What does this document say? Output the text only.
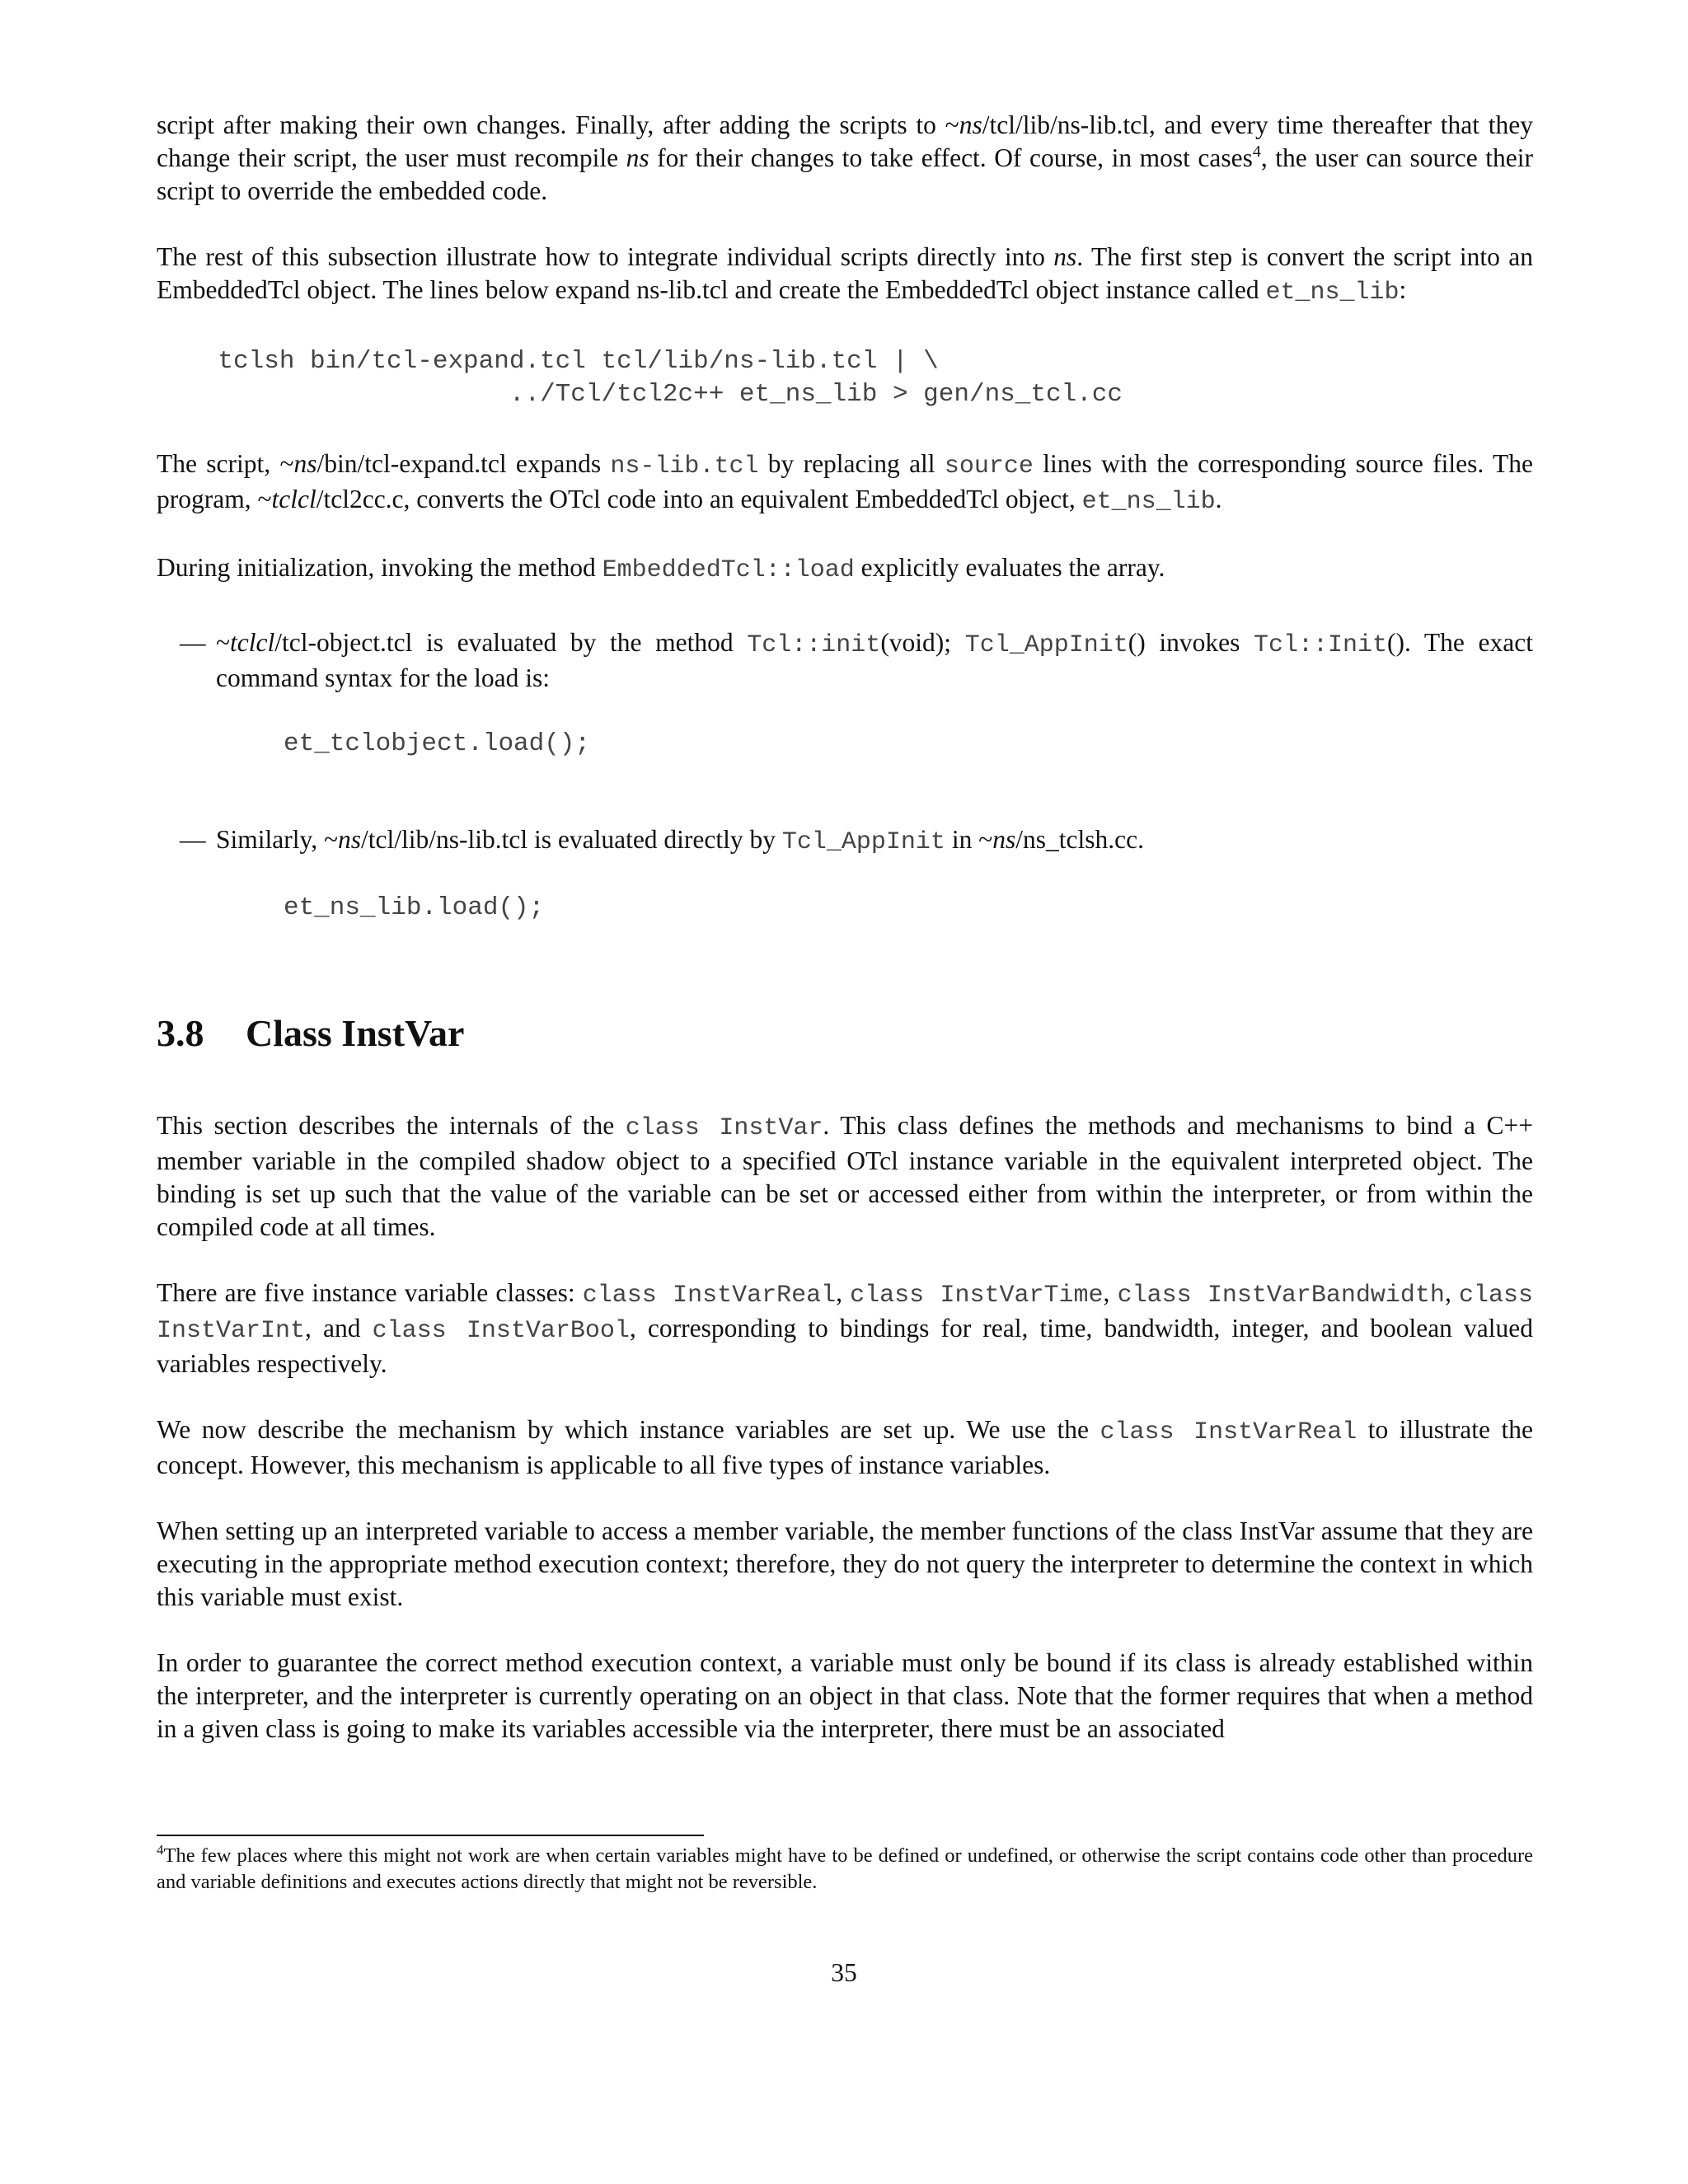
script after making their own changes. Finally, after adding the scripts to ~ns/tcl/lib/ns-lib.tcl, and every time thereafter that they change their script, the user must recompile ns for their changes to take effect. Of course, in most cases$^4$, the user can source their script to override the embedded code.

The rest of this subsection illustrate how to integrate individual scripts directly into ns. The first step is convert the script into an EmbeddedTcl object. The lines below expand ns-lib.tcl and create the EmbeddedTcl object instance called et_ns_lib:

tclsh bin/tcl-expand.tcl tcl/lib/ns-lib.tcl | \
../Tcl/tcl2c++ et_ns_lib > gen/ns_tcl.cc

The script, ~ns/bin/tcl-expand.tcl expands ns-lib.tcl by replacing all source lines with the corresponding source files. The program, ~tclcl/tcl2cc.c, converts the OTcl code into an equivalent EmbeddedTcl object, et_ns_lib.

During initialization, invoking the method EmbeddedTcl::load explicitly evaluates the array.

— ~tclcl/tcl-object.tcl is evaluated by the method Tcl::init(void); Tcl_AppInit() invokes Tcl::Init(). The exact command syntax for the load is:

et_tclobject.load();
— Similarly, ~ns/tcl/lib/ns-lib.tcl is evaluated directly by Tcl_AppInit in ~ns/ns_tclsh.cc.

et_ns_lib.load();
3.8 Class InstVar

This section describes the internals of the class InstVar. This class defines the methods and mechanisms to bind a C++ member variable in the compiled shadow object to a specified OTcl instance variable in the equivalent interpreted object. The binding is set up such that the value of the variable can be set or accessed either from within the interpreter, or from within the compiled code at all times.

There are five instance variable classes: class InstVarReal, class InstVarTime, class InstVarBandwidth, class InstVarInt, and class InstVarBool, corresponding to bindings for real, time, bandwidth, integer, and boolean valued variables respectively.

We now describe the mechanism by which instance variables are set up. We use the class InstVarReal to illustrate the concept. However, this mechanism is applicable to all five types of instance variables.

When setting up an interpreted variable to access a member variable, the member functions of the class InstVar assume that they are executing in the appropriate method execution context; therefore, they do not query the interpreter to determine the context in which this variable must exist.

In order to guarantee the correct method execution context, a variable must only be bound if its class is already established within the interpreter, and the interpreter is currently operating on an object in that class. Note that the former requires that when a method in a given class is going to make its variables accessible via the interpreter, there must be an associated

$^4$The few places where this might not work are when certain variables might have to be defined or undefined, or otherwise the script contains code other than procedure and variable definitions and executes actions directly that might not be reversible.
35
